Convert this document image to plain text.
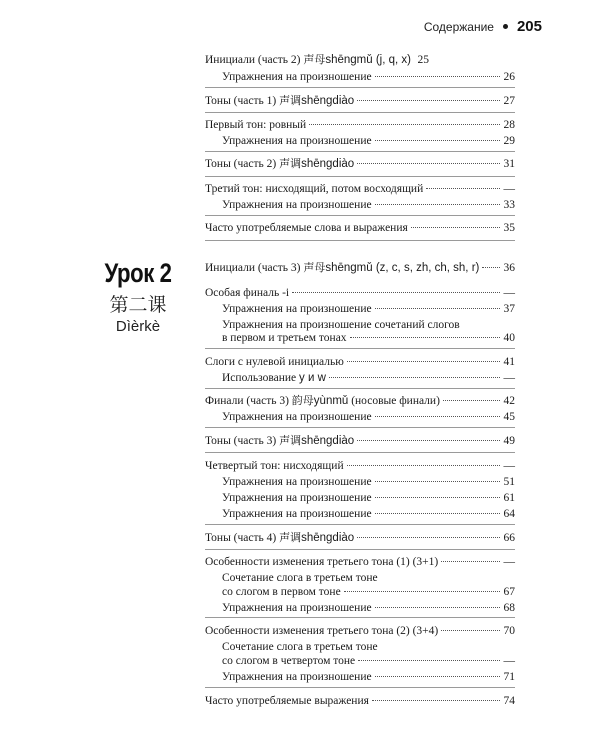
Содержание 205
Урок 2
第二课
Dìèrkè
Инициали (часть 2) 声母shēngmǔ (j, q, x) 25
Упражнения на произношение	26
Тоны (часть 1) 声调shēngdiào	27
Первый тон: ровный	28
Упражнения на произношение	29
Тоны (часть 2) 声调shēngdiào	31
Третий тон: нисходящий, потом восходящий	—
Упражнения на произношение	33
Часто употребляемые слова и выражения	35
Инициали (часть 3) 声母shēngmǔ (z, c, s, zh, ch, sh, r) 36
Особая финаль -i	—
Упражнения на произношение	37
Упражнения на произношение сочетаний слогов
в первом и третьем тонах	40
Слоги с нулевой инициалью	41
Использование y и w	—
Финали (часть 3) 韵母yùnmǔ (носовые финали)	42
Упражнения на произношение	45
Тоны (часть 3) 声调shēngdiào	49
Четвертый тон: нисходящий	—
Упражнения на произношение	51
Упражнения на произношение	61
Упражнения на произношение	64
Тоны (часть 4) 声调shēngdiào	66
Особенности изменения третьего тона (1) (3+1)	—
Сочетание слога в третьем тоне
со слогом в первом тоне	67
Упражнения на произношение	68
Особенности изменения третьего тона (2) (3+4)	70
Сочетание слога в третьем тоне
со слогом в четвертом тоне	—
Упражнения на произношение	71
Часто употребляемые выражения	74
